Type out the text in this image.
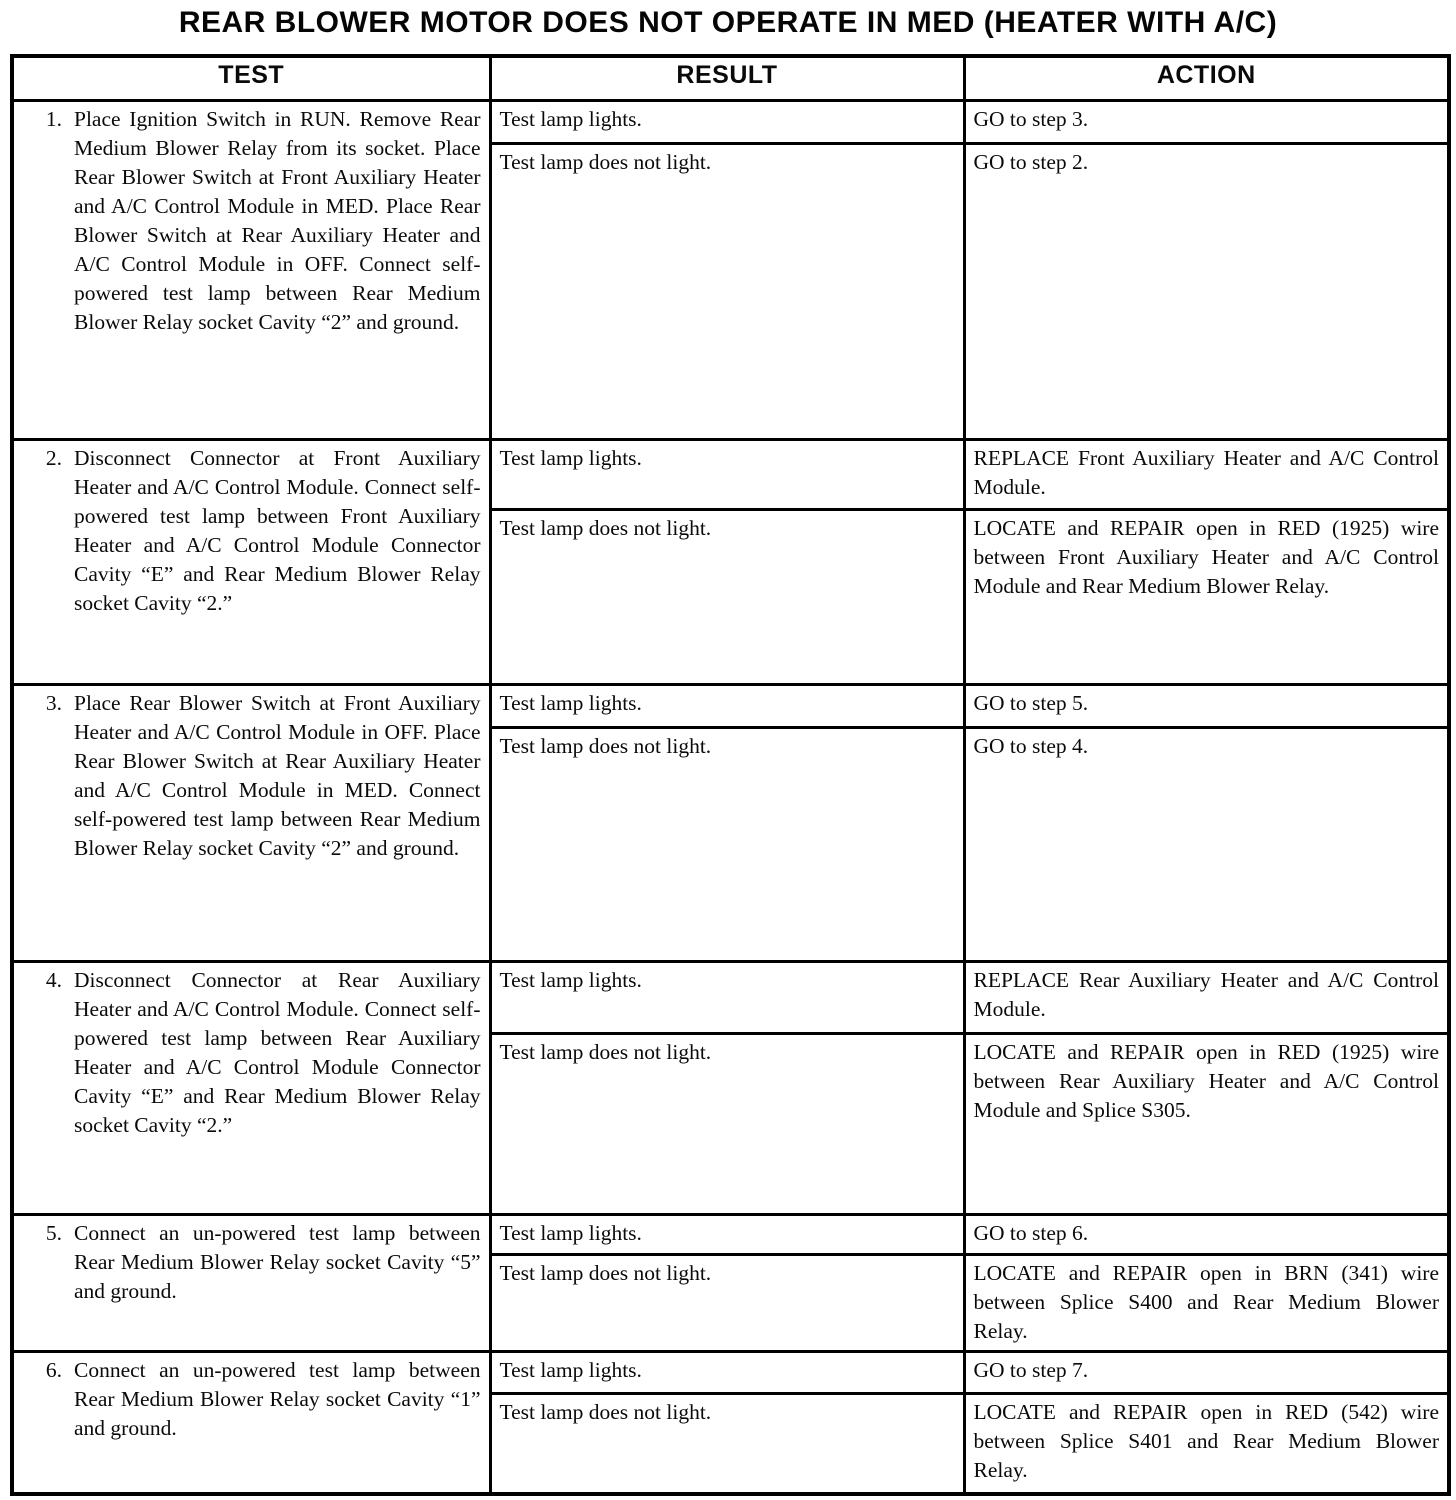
REAR BLOWER MOTOR DOES NOT OPERATE IN MED (HEATER WITH A/C)
TEST	RESULT	ACTION

1. Place Ignition Switch in RUN. Remove Rear Medium Blower Relay from its socket. Place Rear Blower Switch at Front Auxiliary Heater and A/C Control Module in MED. Place Rear Blower Switch at Rear Auxiliary Heater and A/C Control Module in OFF. Connect self-powered test lamp between Rear Medium Blower Relay socket Cavity “2” and ground.	Test lamp lights.	GO to step 3.
	Test lamp does not light.	GO to step 2.

2. Disconnect Connector at Front Auxiliary Heater and A/C Control Module. Connect self-powered test lamp between Front Auxiliary Heater and A/C Control Module Connector Cavity “E” and Rear Medium Blower Relay socket Cavity “2.”	Test lamp lights.	REPLACE Front Auxiliary Heater and A/C Control Module.
	Test lamp does not light.	LOCATE and REPAIR open in RED (1925) wire between Front Auxiliary Heater and A/C Control Module and Rear Medium Blower Relay.

3. Place Rear Blower Switch at Front Auxiliary Heater and A/C Control Module in OFF. Place Rear Blower Switch at Rear Auxiliary Heater and A/C Control Module in MED. Connect self-powered test lamp between Rear Medium Blower Relay socket Cavity “2” and ground.	Test lamp lights.	GO to step 5.
	Test lamp does not light.	GO to step 4.

4. Disconnect Connector at Rear Auxiliary Heater and A/C Control Module. Connect self-powered test lamp between Rear Auxiliary Heater and A/C Control Module Connector Cavity “E” and Rear Medium Blower Relay socket Cavity “2.”	Test lamp lights.	REPLACE Rear Auxiliary Heater and A/C Control Module.
	Test lamp does not light.	LOCATE and REPAIR open in RED (1925) wire between Rear Auxiliary Heater and A/C Control Module and Splice S305.

5. Connect an un-powered test lamp between Rear Medium Blower Relay socket Cavity “5” and ground.	Test lamp lights.	GO to step 6.
	Test lamp does not light.	LOCATE and REPAIR open in BRN (341) wire between Splice S400 and Rear Medium Blower Relay.

6. Connect an un-powered test lamp between Rear Medium Blower Relay socket Cavity “1” and ground.	Test lamp lights.	GO to step 7.
	Test lamp does not light.	LOCATE and REPAIR open in RED (542) wire between Splice S401 and Rear Medium Blower Relay.
